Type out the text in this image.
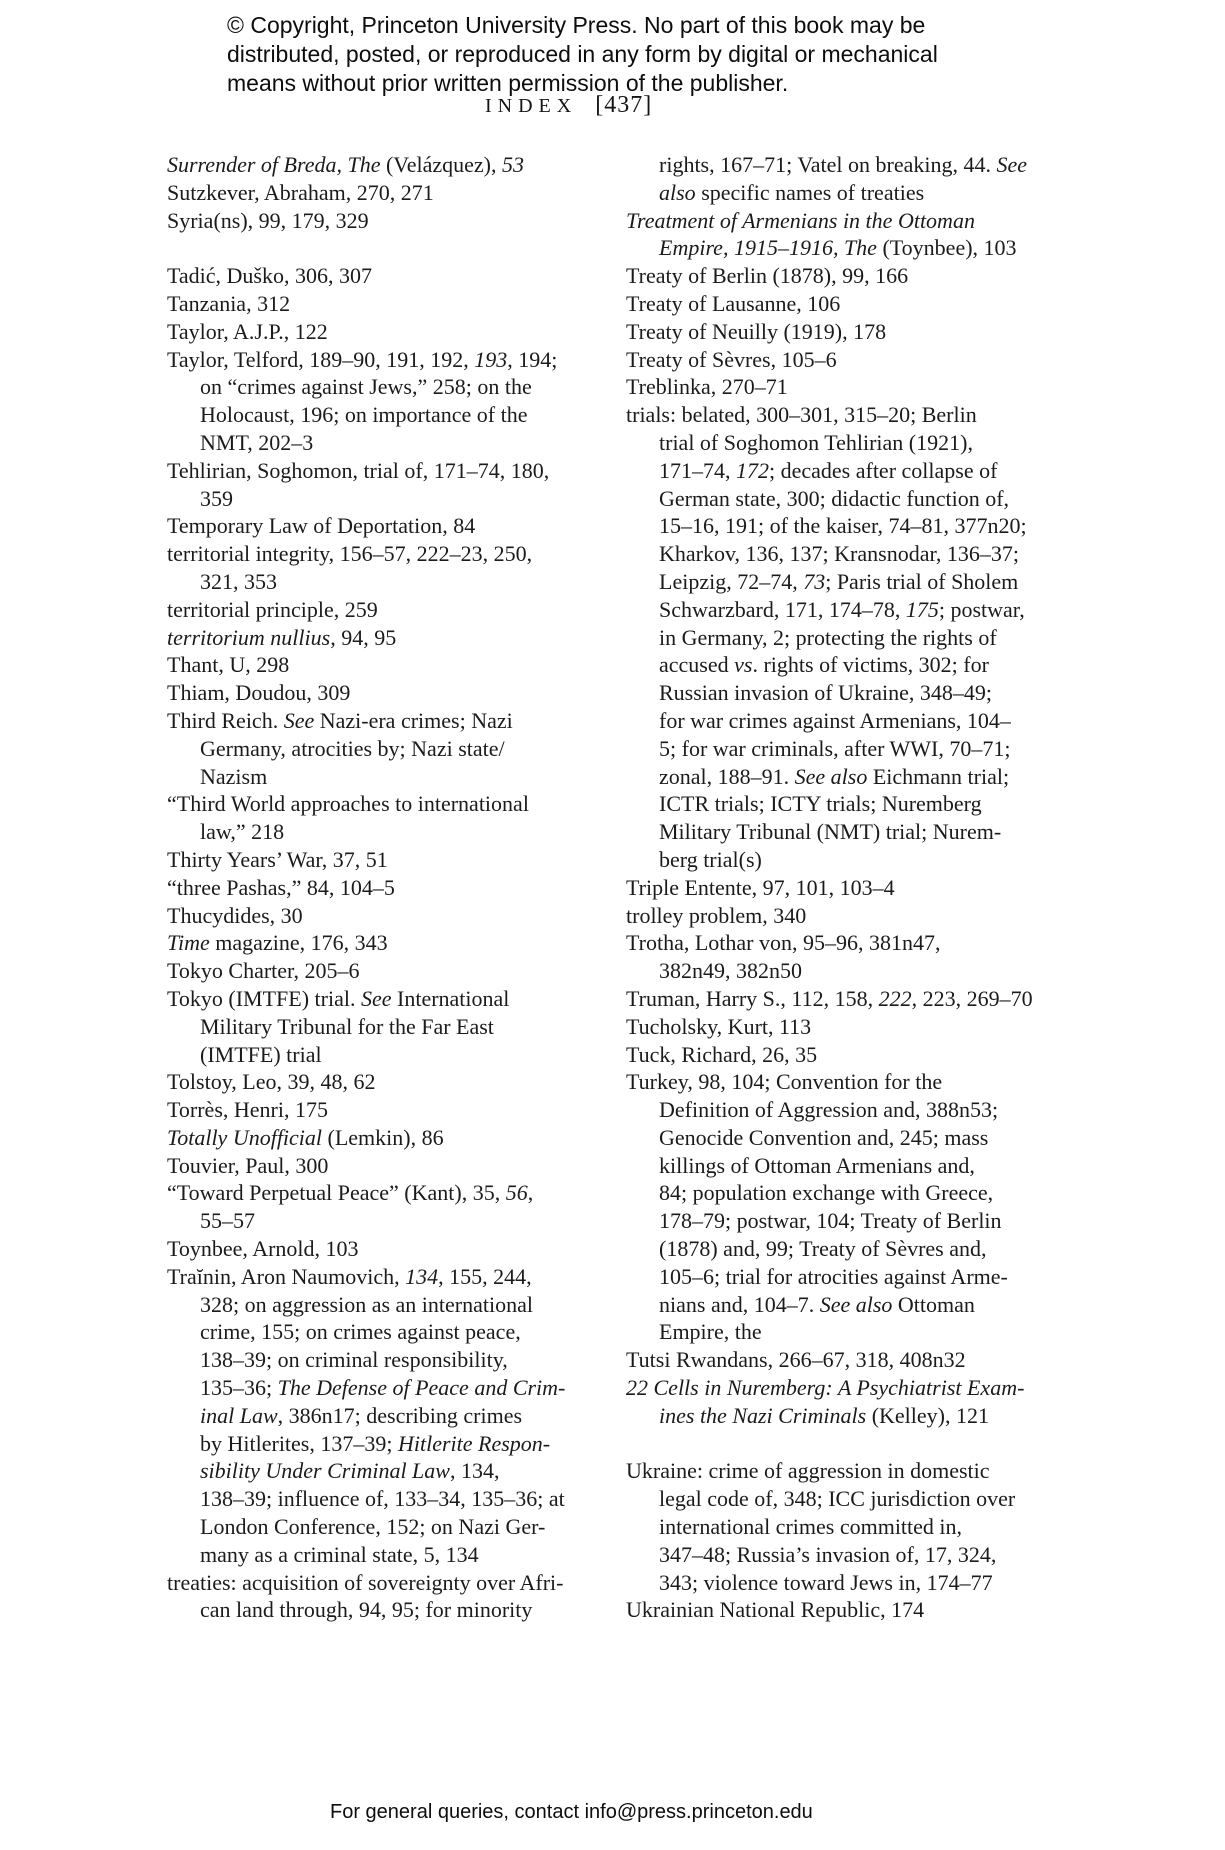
© Copyright, Princeton University Press. No part of this book may be
distributed, posted, or reproduced in any form by digital or mechanical
means without prior written permission of the publisher.
INDEX [437]
Surrender of Breda, The (Velázquez), 53
Sutzkever, Abraham, 270, 271
Syria(ns), 99, 179, 329

Tadić, Duško, 306, 307
Tanzania, 312
Taylor, A.J.P., 122
Taylor, Telford, 189–90, 191, 192, 193, 194;
on “crimes against Jews,” 258; on the
Holocaust, 196; on importance of the
NMT, 202–3
Tehlirian, Soghomon, trial of, 171–74, 180,
359
Temporary Law of Deportation, 84
territorial integrity, 156–57, 222–23, 250,
321, 353
territorial principle, 259
territorium nullius, 94, 95
Thant, U, 298
Thiam, Doudou, 309
Third Reich. See Nazi-era crimes; Nazi
Germany, atrocities by; Nazi state/
Nazism
“Third World approaches to international
law,” 218
Thirty Years’ War, 37, 51
“three Pashas,” 84, 104–5
Thucydides, 30
Time magazine, 176, 343
Tokyo Charter, 205–6
Tokyo (IMTFE) trial. See International
Military Tribunal for the Far East
(IMTFE) trial
Tolstoy, Leo, 39, 48, 62
Torrès, Henri, 175
Totally Unofficial (Lemkin), 86
Touvier, Paul, 300
“Toward Perpetual Peace” (Kant), 35, 56,
55–57
Toynbee, Arnold, 103
Traĭnin, Aron Naumovich, 134, 155, 244,
328; on aggression as an international
crime, 155; on crimes against peace,
138–39; on criminal responsibility,
135–36; The Defense of Peace and Crim-
inal Law, 386n17; describing crimes
by Hitlerites, 137–39; Hitlerite Respon-
sibility Under Criminal Law, 134,
138–39; influence of, 133–34, 135–36; at
London Conference, 152; on Nazi Ger-
many as a criminal state, 5, 134
treaties: acquisition of sovereignty over Afri-
can land through, 94, 95; for minority
rights, 167–71; Vatel on breaking, 44. See
also specific names of treaties
Treatment of Armenians in the Ottoman
Empire, 1915–1916, The (Toynbee), 103
Treaty of Berlin (1878), 99, 166
Treaty of Lausanne, 106
Treaty of Neuilly (1919), 178
Treaty of Sèvres, 105–6
Treblinka, 270–71
trials: belated, 300–301, 315–20; Berlin
trial of Soghomon Tehlirian (1921),
171–74, 172; decades after collapse of
German state, 300; didactic function of,
15–16, 191; of the kaiser, 74–81, 377n20;
Kharkov, 136, 137; Kransnodar, 136–37;
Leipzig, 72–74, 73; Paris trial of Sholem
Schwarzbard, 171, 174–78, 175; postwar,
in Germany, 2; protecting the rights of
accused vs. rights of victims, 302; for
Russian invasion of Ukraine, 348–49;
for war crimes against Armenians, 104–
5; for war criminals, after WWI, 70–71;
zonal, 188–91. See also Eichmann trial;
ICTR trials; ICTY trials; Nuremberg
Military Tribunal (NMT) trial; Nurem-
berg trial(s)
Triple Entente, 97, 101, 103–4
trolley problem, 340
Trotha, Lothar von, 95–96, 381n47,
382n49, 382n50
Truman, Harry S., 112, 158, 222, 223, 269–70
Tucholsky, Kurt, 113
Tuck, Richard, 26, 35
Turkey, 98, 104; Convention for the
Definition of Aggression and, 388n53;
Genocide Convention and, 245; mass
killings of Ottoman Armenians and,
84; population exchange with Greece,
178–79; postwar, 104; Treaty of Berlin
(1878) and, 99; Treaty of Sèvres and,
105–6; trial for atrocities against Arme-
nians and, 104–7. See also Ottoman
Empire, the
Tutsi Rwandans, 266–67, 318, 408n32
22 Cells in Nuremberg: A Psychiatrist Exam-
ines the Nazi Criminals (Kelley), 121

Ukraine: crime of aggression in domestic
legal code of, 348; ICC jurisdiction over
international crimes committed in,
347–48; Russia’s invasion of, 17, 324,
343; violence toward Jews in, 174–77
Ukrainian National Republic, 174
For general queries, contact info@press.princeton.edu
